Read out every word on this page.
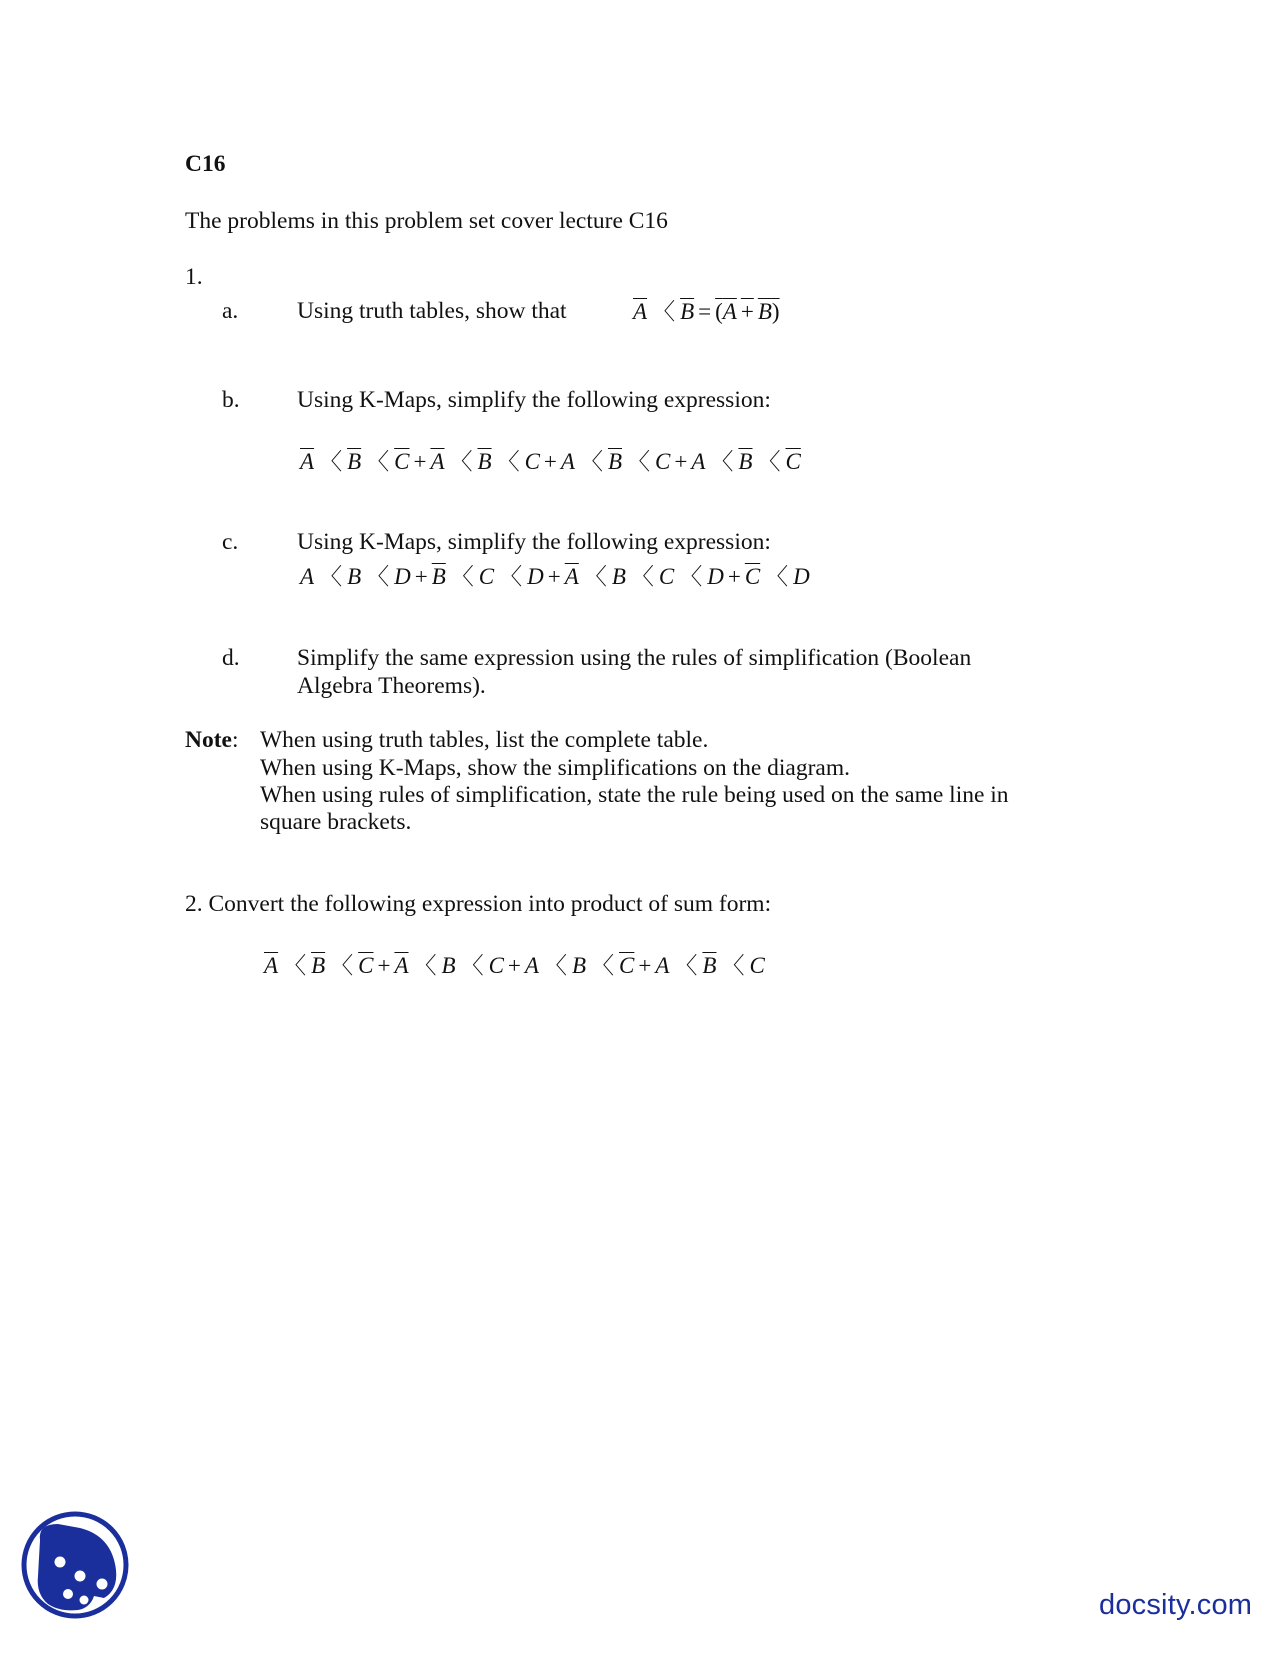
C16
The problems in this problem set cover lecture C16
1.
a. Using truth tables, show that	$\overline{A}$ 〈 $\overline{B} = (A + B)$
b. Using K-Maps, simplify the following expression:
$\overline{A}$ 〈 $\overline{B}$ 〈 $\overline{C} + \overline{A}$ 〈 $\overline{B}$ 〈 C + A 〈 $\overline{B}$ 〈 C + A 〈 $\overline{B}$ 〈 $\overline{C}$
c. Using K-Maps, simplify the following expression:
A 〈 B 〈 $D + \overline{B}$ 〈 C 〈 $D + \overline{A}$ 〈 B 〈 C 〈 $D + \overline{C}$ 〈 D
d. Simplify the same expression using the rules of simplification (Boolean
Algebra Theorems).
Note: When using truth tables, list the complete table.
When using K-Maps, show the simplifications on the diagram.
When using rules of simplification, state the rule being used on the same line in
square brackets.
2. Convert the following expression into product of sum form:
$\overline{A}$ 〈 $\overline{B}$ 〈 $\overline{C} + \overline{A}$ 〈 B 〈 C + A 〈 B 〈 $\overline{C} + A$ 〈 $\overline{B}$ 〈 C
docsity.com
